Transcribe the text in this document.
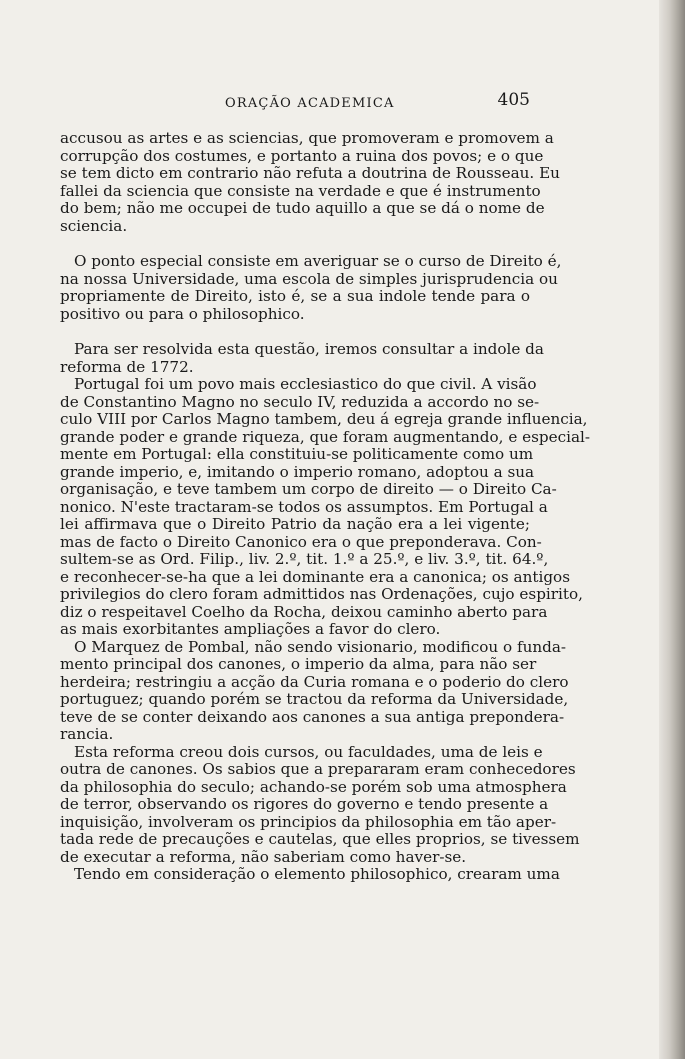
ORAÇÃO ACADEMICA	405

accusou as artes e as sciencias, que promoveram e promovem a
corrupção dos costumes, e portanto a ruina dos povos; e o que
se tem dicto em contrario não refuta a doutrina de Rousseau. Eu
fallei da sciencia que consiste na verdade e que é instrumento
do bem; não me occupei de tudo aquillo a que se dá o nome de
sciencia.

O ponto especial consiste em averiguar se o curso de Direito é,
na nossa Universidade, uma escola de simples jurisprudencia ou
propriamente de Direito, isto é, se a sua indole tende para o
positivo ou para o philosophico.

Para ser resolvida esta questão, iremos consultar a indole da
reforma de 1772.

Portugal foi um povo mais ecclesiastico do que civil. A visão
de Constantino Magno no seculo IV, reduzida a accordo no se-
culo VIII por Carlos Magno tambem, deu á egreja grande influencia,
grande poder e grande riqueza, que foram augmentando, e especial-
mente em Portugal: ella constituiu-se politicamente como um
grande imperio, e, imitando o imperio romano, adoptou a sua
organisação, e teve tambem um corpo de direito — o Direito Ca-
nonico. N'este tractaram-se todos os assumptos. Em Portugal a
lei affirmava que o Direito Patrio da nação era a lei vigente;
mas de facto o Direito Canonico era o que preponderava. Con-
sultem-se as Ord. Filip., liv. 2.º, tit. 1.º a 25.º, e liv. 3.º, tit. 64.º,
e reconhecer-se-ha que a lei dominante era a canonica; os antigos
privilegios do clero foram admittidos nas Ordenações, cujo espirito,
diz o respeitavel Coelho da Rocha, deixou caminho aberto para
as mais exorbitantes ampliações a favor do clero.

O Marquez de Pombal, não sendo visionario, modificou o funda-
mento principal dos canones, o imperio da alma, para não ser
herdeira; restringiu a acção da Curia romana e o poderio do clero
portuguez; quando porém se tractou da reforma da Universidade,
teve de se conter deixando aos canones a sua antiga prepondera-
rancia.

Esta reforma creou dois cursos, ou faculdades, uma de leis e
outra de canones. Os sabios que a prepararam eram conhecedores
da philosophia do seculo; achando-se porém sob uma atmosphera
de terror, observando os rigores do governo e tendo presente a
inquisição, involveram os principios da philosophia em tão aper-
tada rede de precauções e cautelas, que elles proprios, se tivessem
de executar a reforma, não saberiam como haver-se.

Tendo em consideração o elemento philosophico, crearam uma
